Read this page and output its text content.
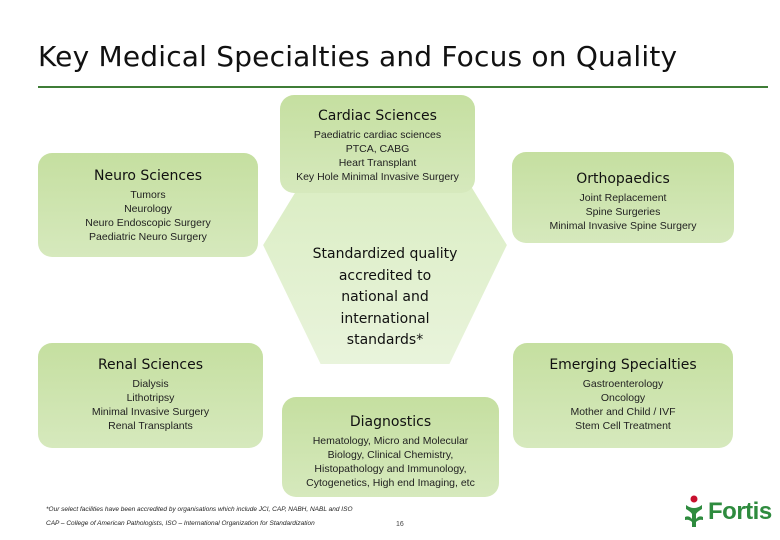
Key Medical Specialties and Focus on Quality
Cardiac Sciences
Paediatric cardiac sciences
PTCA, CABG
Heart Transplant
Key Hole Minimal Invasive Surgery
Neuro Sciences
Tumors
Neurology
Neuro Endoscopic Surgery
Paediatric Neuro Surgery
Orthopaedics
Joint Replacement
Spine Surgeries
Minimal Invasive Spine Surgery
Renal Sciences
Dialysis
Lithotripsy
Minimal Invasive Surgery
Renal Transplants
Emerging Specialties
Gastroenterology
Oncology
Mother and Child / IVF
Stem Cell Treatment
Diagnostics
Hematology, Micro and Molecular
Biology, Clinical Chemistry,
Histopathology and Immunology,
Cytogenetics, High end Imaging, etc
Standardized quality
accredited to
national and
international
standards*
*Our select facilities have been accredited by organisations which include JCI, CAP, NABH, NABL and ISO
CAP – College of American Pathologists, ISO – International Organization for Standardization	16	Fortis
